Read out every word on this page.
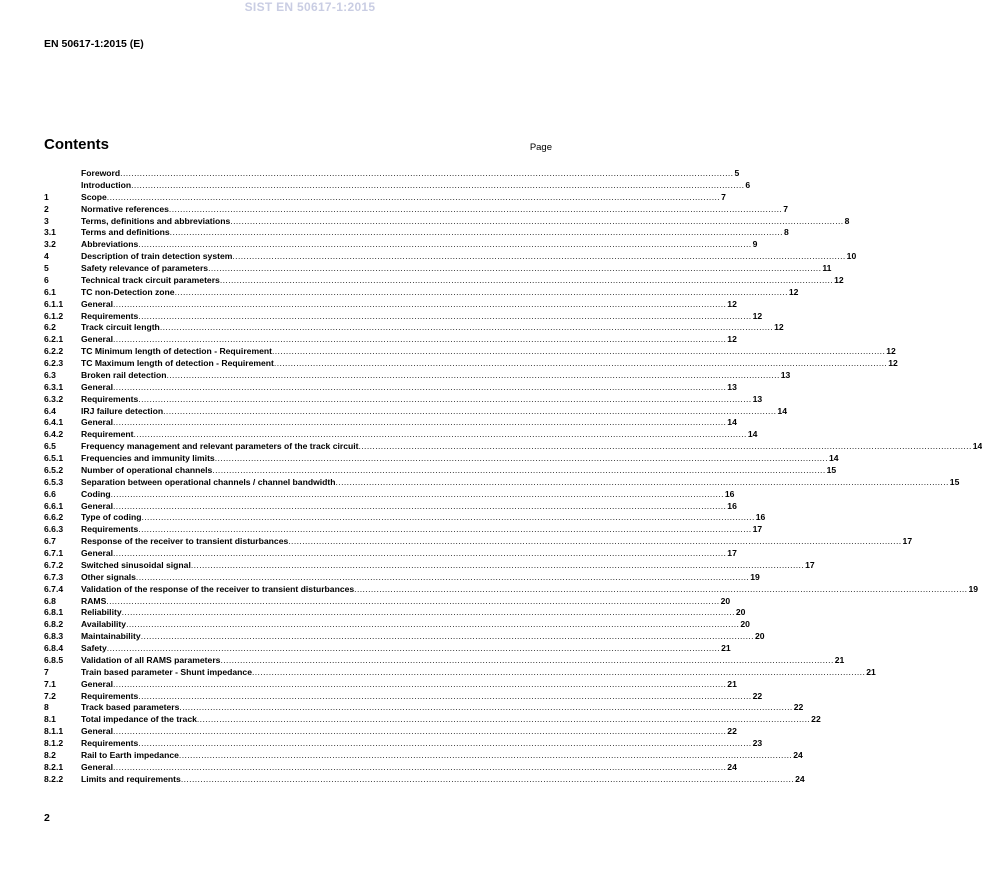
SIST EN 50617-1:2015
EN 50617-1:2015 (E)
Contents	Page
Foreword ............................................................................................................................................................................................................................ 5
Introduction ............................................................................................................................................................................................................................ 6
1	Scope ............................................................................................................................................................................................................................ 7
2	Normative references ............................................................................................................................................................................................................................ 7
3	Terms, definitions and abbreviations ............................................................................................................................................................................................................................ 8
3.1	Terms and definitions ............................................................................................................................................................................................................................ 8
3.2	Abbreviations ............................................................................................................................................................................................................................ 9
4	Description of train detection system ............................................................................................................................................................................................................................ 10
5	Safety relevance of parameters ............................................................................................................................................................................................................................ 11
6	Technical track circuit parameters ............................................................................................................................................................................................................................ 12
6.1	TC non-Detection zone ............................................................................................................................................................................................................................ 12
6.1.1	General ............................................................................................................................................................................................................................ 12
6.1.2	Requirements ............................................................................................................................................................................................................................ 12
6.2	Track circuit length ............................................................................................................................................................................................................................ 12
6.2.1	General ............................................................................................................................................................................................................................ 12
6.2.2	TC Minimum length of detection - Requirement ............................................................................................................................................................................................................................ 12
6.2.3	TC Maximum length of detection - Requirement ............................................................................................................................................................................................................................ 12
6.3	Broken rail detection ............................................................................................................................................................................................................................ 13
6.3.1	General ............................................................................................................................................................................................................................ 13
6.3.2	Requirements ............................................................................................................................................................................................................................ 13
6.4	IRJ failure detection ............................................................................................................................................................................................................................ 14
6.4.1	General ............................................................................................................................................................................................................................ 14
6.4.2	Requirement ............................................................................................................................................................................................................................ 14
6.5	Frequency management and relevant parameters of the track circuit ............................................................................................................................................................................................................................ 14
6.5.1	Frequencies and immunity limits ............................................................................................................................................................................................................................ 14
6.5.2	Number of operational channels ............................................................................................................................................................................................................................ 15
6.5.3	Separation between operational channels / channel bandwidth ............................................................................................................................................................................................................................ 15
6.6	Coding ............................................................................................................................................................................................................................ 16
6.6.1	General ............................................................................................................................................................................................................................ 16
6.6.2	Type of coding ............................................................................................................................................................................................................................ 16
6.6.3	Requirements ............................................................................................................................................................................................................................ 17
6.7	Response of the receiver to transient disturbances ............................................................................................................................................................................................................................ 17
6.7.1	General ............................................................................................................................................................................................................................ 17
6.7.2	Switched sinusoidal signal ............................................................................................................................................................................................................................ 17
6.7.3	Other signals ............................................................................................................................................................................................................................ 19
6.7.4	Validation of the response of the receiver to transient disturbances ............................................................................................................................................................................................................................ 19
6.8	RAMS ............................................................................................................................................................................................................................ 20
6.8.1	Reliability ............................................................................................................................................................................................................................ 20
6.8.2	Availability ............................................................................................................................................................................................................................ 20
6.8.3	Maintainability ............................................................................................................................................................................................................................ 20
6.8.4	Safety ............................................................................................................................................................................................................................ 21
6.8.5	Validation of all RAMS parameters ............................................................................................................................................................................................................................ 21
7	Train based parameter - Shunt impedance ............................................................................................................................................................................................................................ 21
7.1	General ............................................................................................................................................................................................................................ 21
7.2	Requirements ............................................................................................................................................................................................................................ 22
8	Track based parameters ............................................................................................................................................................................................................................ 22
8.1	Total impedance of the track ............................................................................................................................................................................................................................ 22
8.1.1	General ............................................................................................................................................................................................................................ 22
8.1.2	Requirements ............................................................................................................................................................................................................................ 23
8.2	Rail to Earth impedance ............................................................................................................................................................................................................................ 24
8.2.1	General ............................................................................................................................................................................................................................ 24
8.2.2	Limits and requirements ............................................................................................................................................................................................................................ 24
2
